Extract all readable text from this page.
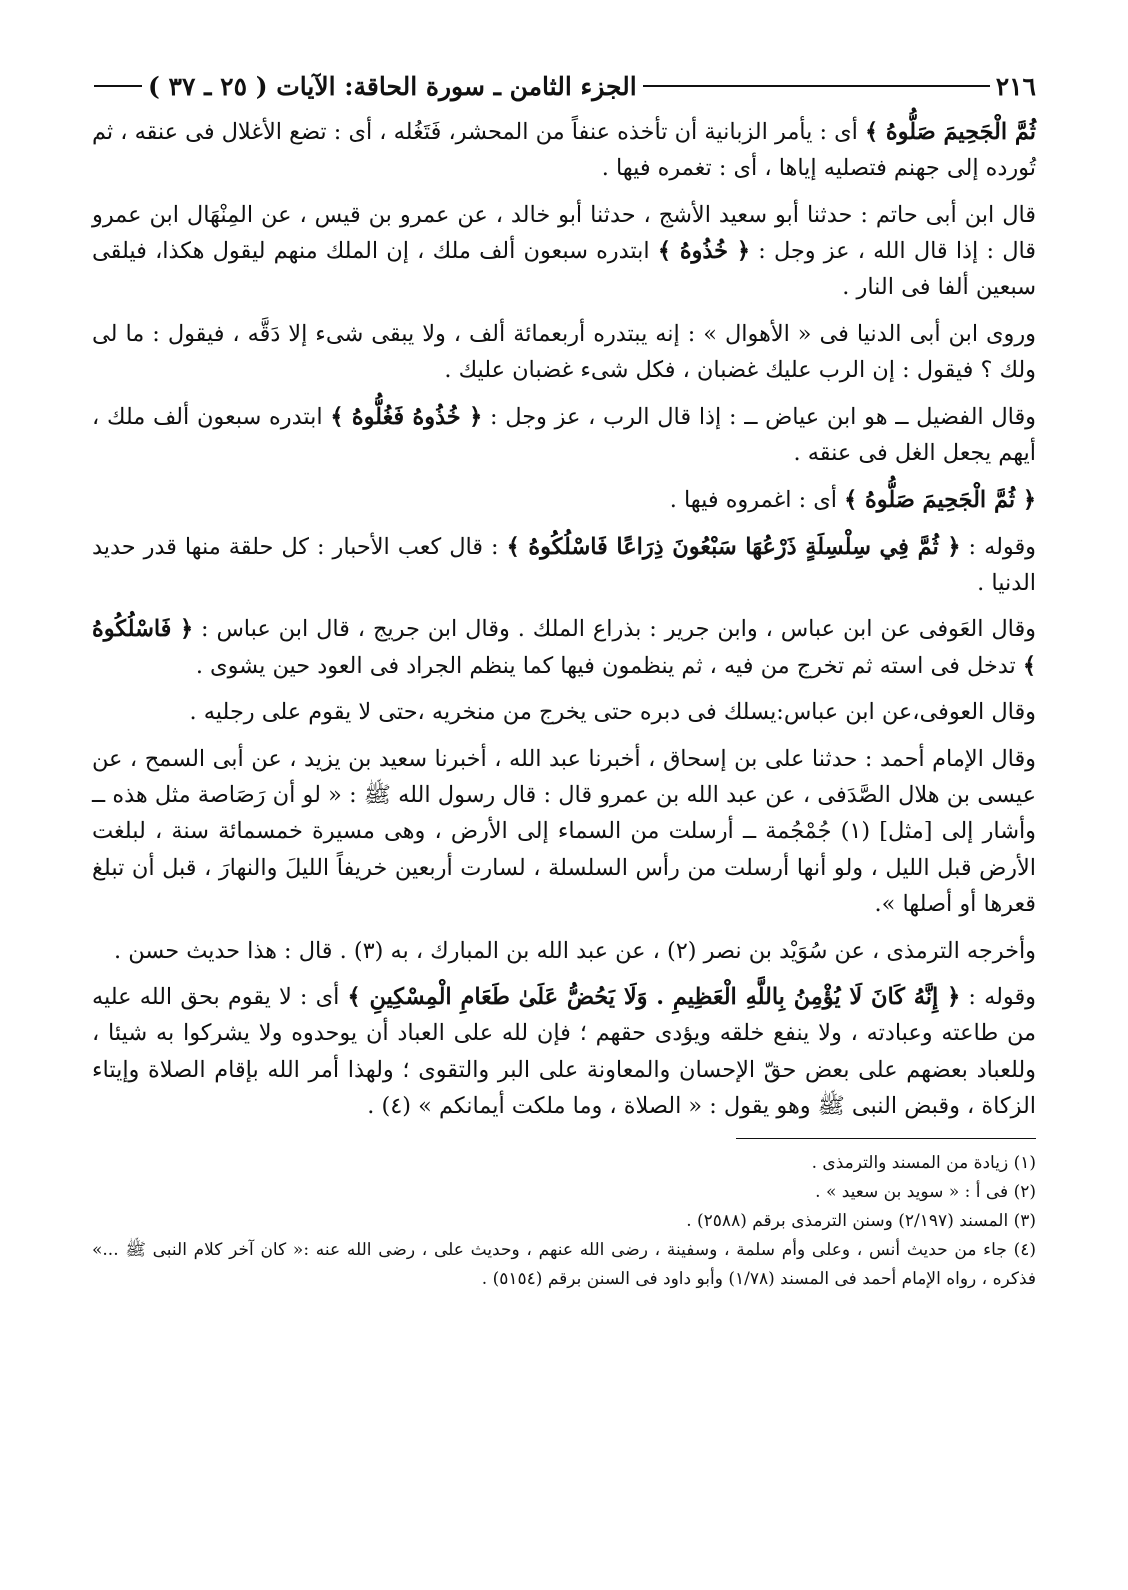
٢١٦
الجزء الثامن ـ سورة الحاقة: الآيات ( ٢٥ ـ ٣٧ )

ثُمَّ الْجَحِيمَ صَلُّوهُ ﴾ أى : يأمر الزبانية أن تأخذه عنفاً من المحشر، فَتَغُله ، أى : تضع الأغلال فى عنقه ، ثم تُورده إلى جهنم فتصليه إياها ، أى : تغمره فيها .

قال ابن أبى حاتم : حدثنا أبو سعيد الأشج ، حدثنا أبو خالد ، عن عمرو بن قيس ، عن المِنْهَال ابن عمرو قال : إذا قال الله ، عز وجل : ﴿ خُذُوهُ ﴾ ابتدره سبعون ألف ملك ، إن الملك منهم ليقول هكذا، فيلقى سبعين ألفا فى النار .

وروى ابن أبى الدنيا فى « الأهوال » : إنه يبتدره أربعمائة ألف ، ولا يبقى شىء إلا دَقَّه ، فيقول : ما لى ولك ؟ فيقول : إن الرب عليك غضبان ، فكل شىء غضبان عليك .

وقال الفضيل ــ هو ابن عياض ــ : إذا قال الرب ، عز وجل : ﴿ خُذُوهُ فَغُلُّوهُ ﴾ ابتدره سبعون ألف ملك ، أيهم يجعل الغل فى عنقه .

﴿ ثُمَّ الْجَحِيمَ صَلُّوهُ ﴾ أى : اغمروه فيها .

وقوله : ﴿ ثُمَّ فِي سِلْسِلَةٍ ذَرْعُهَا سَبْعُونَ ذِرَاعًا فَاسْلُكُوهُ ﴾ : قال كعب الأحبار : كل حلقة منها قدر حديد الدنيا .

وقال العَوفى عن ابن عباس ، وابن جرير : بذراع الملك . وقال ابن جريج ، قال ابن عباس : ﴿ فَاسْلُكُوهُ ﴾ تدخل فى استه ثم تخرج من فيه ، ثم ينظمون فيها كما ينظم الجراد فى العود حين يشوى .

وقال العوفى،عن ابن عباس:يسلك فى دبره حتى يخرج من منخريه ،حتى لا يقوم على رجليه .

وقال الإمام أحمد : حدثنا على بن إسحاق ، أخبرنا عبد الله ، أخبرنا سعيد بن يزيد ، عن أبى السمح ، عن عيسى بن هلال الصَّدَفى ، عن عبد الله بن عمرو قال : قال رسول الله ﷺ : « لو أن رَصَاصة مثل هذه ــ وأشار إلى [مثل] (١) جُمْجُمة ــ أرسلت من السماء إلى الأرض ، وهى مسيرة خمسمائة سنة ، لبلغت الأرض قبل الليل ، ولو أنها أرسلت من رأس السلسلة ، لسارت أربعين خريفاً الليلَ والنهارَ ، قبل أن تبلغ قعرها أو أصلها ».

وأخرجه الترمذى ، عن سُوَيْد بن نصر (٢) ، عن عبد الله بن المبارك ، به (٣) . قال : هذا حديث حسن .

وقوله : ﴿ إِنَّهُ كَانَ لَا يُؤْمِنُ بِاللَّهِ الْعَظِيمِ . وَلَا يَحُضُّ عَلَىٰ طَعَامِ الْمِسْكِينِ ﴾ أى : لا يقوم بحق الله عليه من طاعته وعبادته ، ولا ينفع خلقه ويؤدى حقهم ؛ فإن لله على العباد أن يوحدوه ولا يشركوا به شيئا ، وللعباد بعضهم على بعض حقّ الإحسان والمعاونة على البر والتقوى ؛ ولهذا أمر الله بإقام الصلاة وإيتاء الزكاة ، وقبض النبى ﷺ وهو يقول : « الصلاة ، وما ملكت أيمانكم » (٤) .

(١) زيادة من المسند والترمذى .

(٢) فى أ : « سويد بن سعيد » .

(٣) المسند (٢/١٩٧) وسنن الترمذى برقم (٢٥٨٨) .

(٤) جاء من حديث أنس ، وعلى وأم سلمة ، وسفينة ، رضى الله عنهم ، وحديث على ، رضى الله عنه :« كان آخر كلام النبى ﷺ ...» فذكره ، رواه الإمام أحمد فى المسند (١/٧٨) وأبو داود فى السنن برقم (٥١٥٤) .
